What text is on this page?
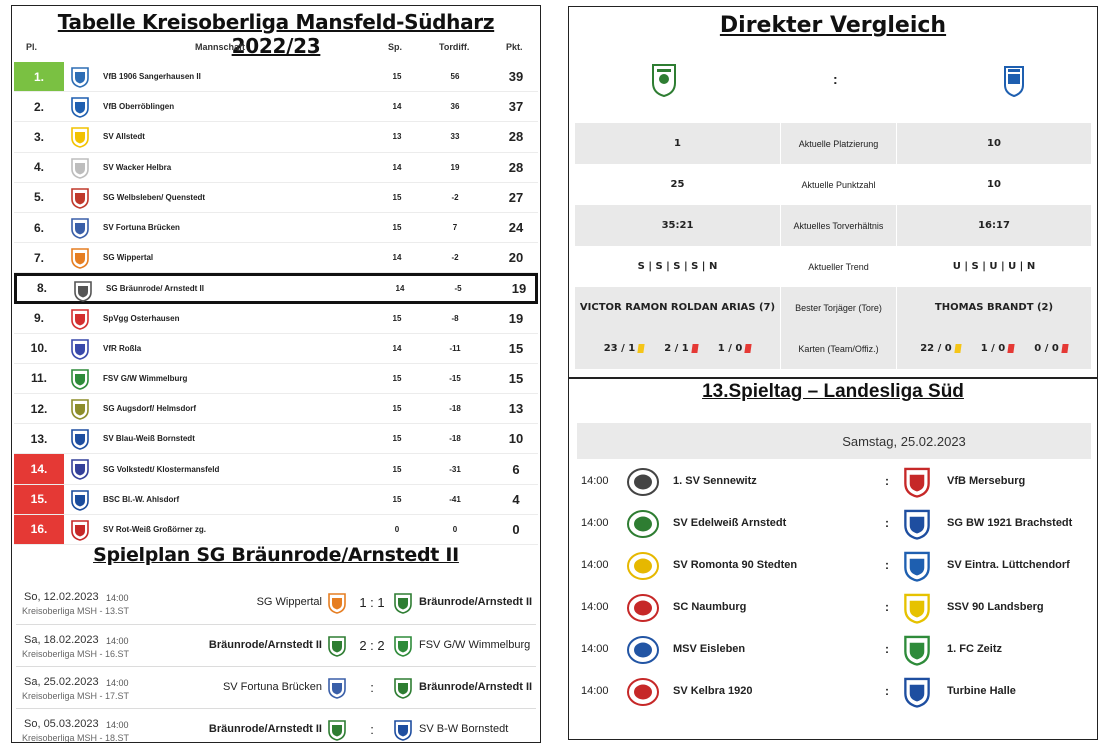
Tabelle Kreisoberliga Mansfeld-Südharz 2022/23
Pl.	Mannschaft	Sp.	Tordiff.	Pkt.
1.	VfB 1906 Sangerhausen II	15	56	39
2.	VfB Oberröblingen	14	36	37
3.	SV Allstedt	13	33	28
4.	SV Wacker Helbra	14	19	28
5.	SG Welbsleben/ Quenstedt	15	-2	27
6.	SV Fortuna Brücken	15	7	24
7.	SG Wippertal	14	-2	20
8.	SG Bräunrode/ Arnstedt II	14	-5	19
9.	SpVgg Osterhausen	15	-8	19
10.	VfR Roßla	14	-11	15
11.	FSV G/W Wimmelburg	15	-15	15
12.	SG Augsdorf/ Helmsdorf	15	-18	13
13.	SV Blau-Weiß Bornstedt	15	-18	10
14.	SG Volkstedt/ Klostermansfeld	15	-31	6
15.	BSC Bl.-W. Ahlsdorf	15	-41	4
16.	SV Rot-Weiß Großörner zg.	0	0	0
Spielplan SG Bräunrode/Arnstedt II
So, 12.02.2023 14:00
Kreisoberliga MSH - 13.ST
SG Wippertal	1 : 1	Bräunrode/Arnstedt II
Sa, 18.02.2023 14:00
Kreisoberliga MSH - 16.ST
Bräunrode/Arnstedt II	2 : 2	FSV G/W Wimmelburg
Sa, 25.02.2023 14:00
Kreisoberliga MSH - 17.ST
SV Fortuna Brücken	:	Bräunrode/Arnstedt II
So, 05.03.2023 14:00
Kreisoberliga MSH - 18.ST
Bräunrode/Arnstedt II	:	SV B-W Bornstedt
Direkter Vergleich
:
1	Aktuelle Platzierung	10
25	Aktuelle Punktzahl	10
35:21	Aktuelles Torverhältnis	16:17
S | S | S | S | N	Aktueller Trend	U | S | U | U | N
VICTOR RAMON ROLDAN ARIAS (7)	Bester Torjäger (Tore)	THOMAS BRANDT (2)
23 / 1	2 / 1	1 / 0	Karten (Team/Offiz.)	22 / 0	1 / 0	0 / 0
13.Spieltag – Landesliga Süd
Samstag, 25.02.2023
14:00	1. SV Sennewitz	:	VfB Merseburg
14:00	SV Edelweiß Arnstedt	:	SG BW 1921 Brachstedt
14:00	SV Romonta 90 Stedten	:	SV Eintra. Lüttchendorf
14:00	SC Naumburg	:	SSV 90 Landsberg
14:00	MSV Eisleben	:	1. FC Zeitz
14:00	SV Kelbra 1920	:	Turbine Halle
